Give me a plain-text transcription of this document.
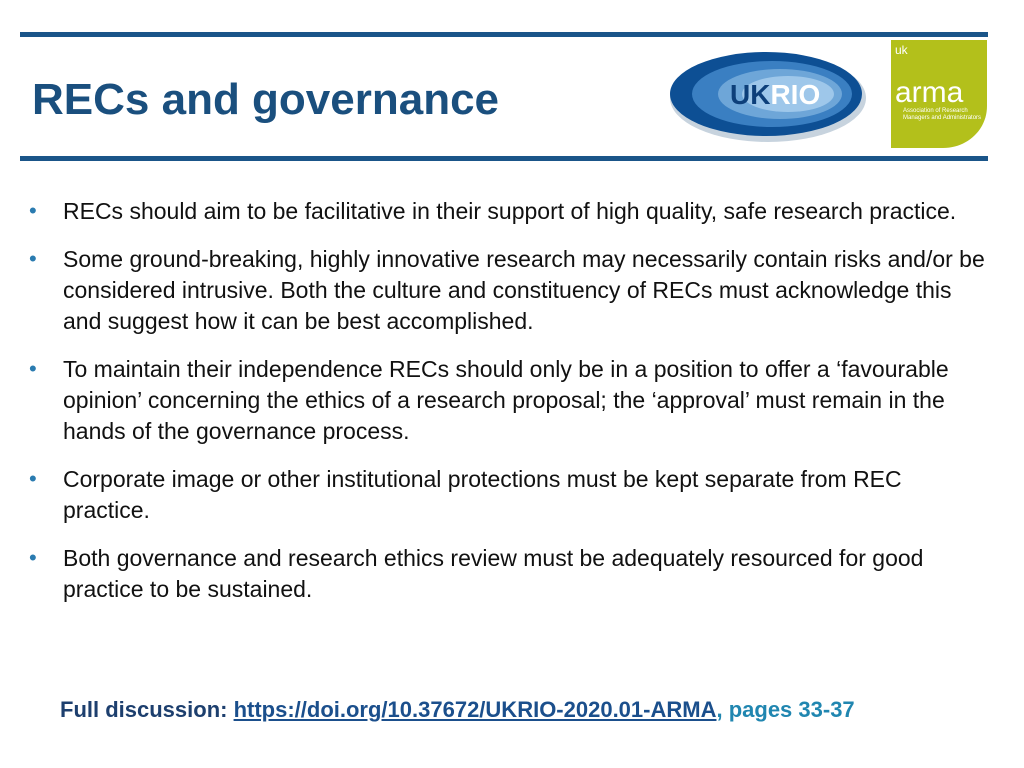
RECs and governance	UKRIO
uk
arma
Association of Research
Managers and Administrators
• RECs should aim to be facilitative in their support of high quality, safe research practice.
• Some ground-breaking, highly innovative research may necessarily contain risks and/or be considered intrusive. Both the culture and constituency of RECs must acknowledge this and suggest how it can be best accomplished.
• To maintain their independence RECs should only be in a position to offer a ‘favourable opinion’ concerning the ethics of a research proposal; the ‘approval’ must remain in the hands of the governance process.
• Corporate image or other institutional protections must be kept separate from REC practice.
• Both governance and research ethics review must be adequately resourced for good practice to be sustained.
Full discussion: https://doi.org/10.37672/UKRIO-2020.01-ARMA, pages 33-37
